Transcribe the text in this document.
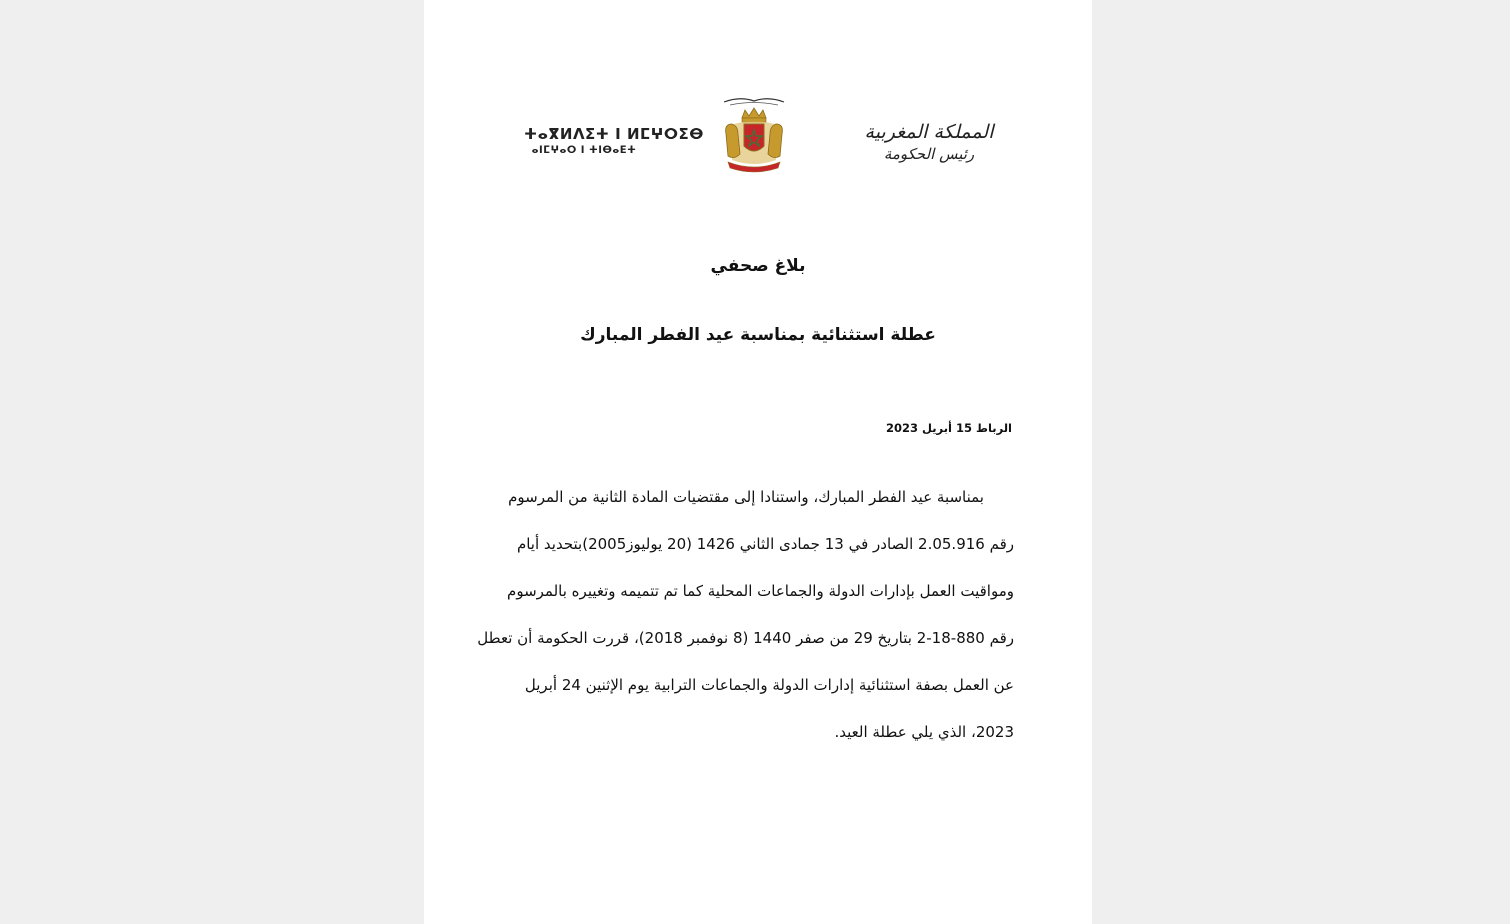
ⵜⴰⴳⵍⴷⵉⵜ ⵏ ⵍⵎⵖⵔⵉⴱ
ⴰⵏⵎⵖⴰⵔ ⵏ ⵜⵏⴱⴰⴹⵜ
المملكة المغربية
رئيس الحكومة
بلاغ صحفي
عطلة استثنائية بمناسبة عيد الفطر المبارك
الرباط 15 أبريل 2023
بمناسبة عيد الفطر المبارك، واستنادا إلى مقتضيات المادة الثانية من المرسوم
رقم 2.05.916 الصادر في 13 جمادى الثاني 1426 (20 يوليوز2005)بتحديد أيام
ومواقيت العمل بإدارات الدولة والجماعات المحلية كما تم تتميمه وتغييره بالمرسوم
رقم 880-18-2 بتاريخ 29 من صفر 1440 (8 نوفمبر 2018)، قررت الحكومة أن تعطل
عن العمل بصفة استثنائية إدارات الدولة والجماعات الترابية يوم الإثنين 24 أبريل
2023، الذي يلي عطلة العيد.
